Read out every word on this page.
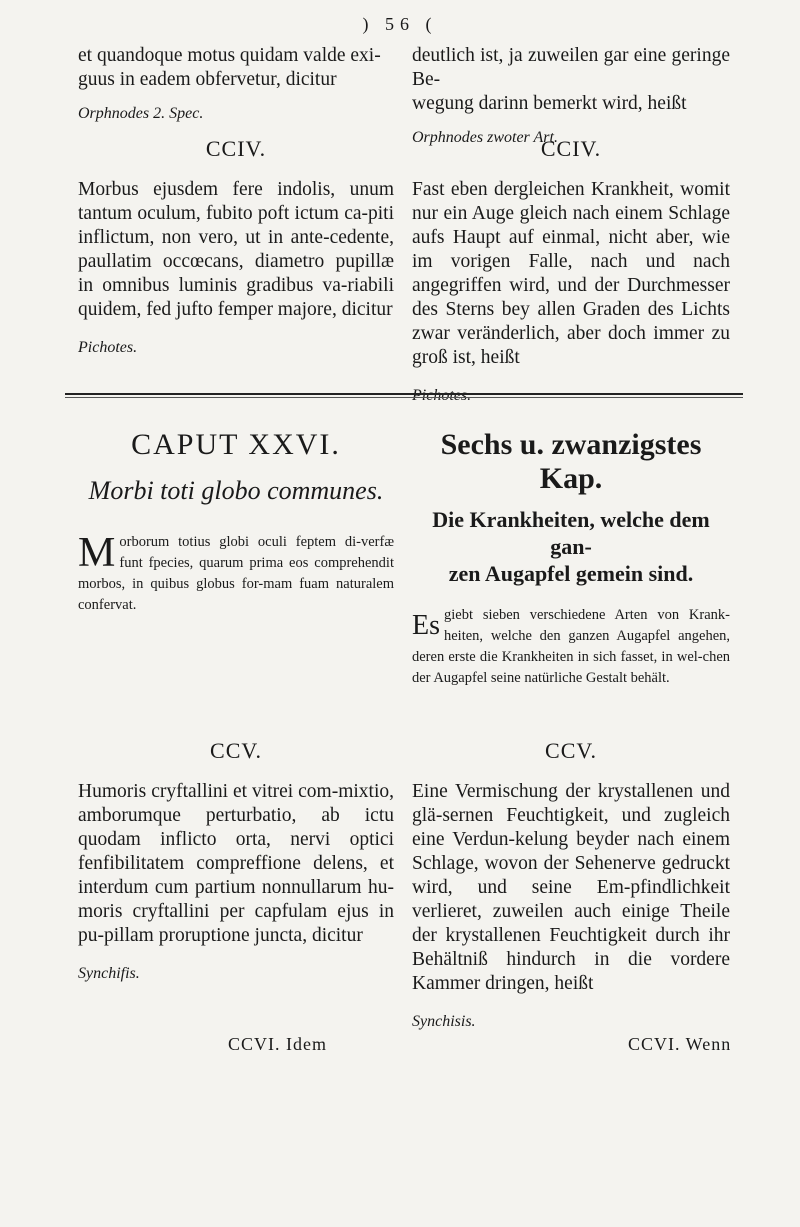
) 56 (

et quandoque motus quidam valde exi-

guus in eadem obfervetur, dicitur

Orphnodes 2. Spec.

deutlich ist, ja zuweilen gar eine geringe Be-

wegung darinn bemerkt wird, heißt

Orphnodes zwoter Art.

CCIV.

Morbus ejusdem fere indolis, unum tantum oculum, fubito poft ictum ca-piti inflictum, non vero, ut in ante-cedente, paullatim occœcans, diametro pupillæ in omnibus luminis gradibus va-riabili quidem, fed jufto femper majore, dicitur

Pichotes.

CCIV.

Fast eben dergleichen Krankheit, womit nur ein Auge gleich nach einem Schlage aufs Haupt auf einmal, nicht aber, wie im vorigen Falle, nach und nach angegriffen wird, und der Durchmesser des Sterns bey allen Graden des Lichts zwar veränderlich, aber doch immer zu groß ist, heißt

Pichotes.

CAPUT XXVI.
Morbi toti globo communes.
M orborum totius globi oculi feptem di-verfæ funt fpecies, quarum prima eos comprehendit morbos, in quibus globus for-mam fuam naturalem confervat.
Sechs u. zwanzigstes Kap.
Die Krankheiten, welche dem gan-
zen Augapfel gemein sind.
Es giebt sieben verschiedene Arten von Krank-heiten, welche den ganzen Augapfel angehen, deren erste die Krankheiten in sich fasset, in wel-chen der Augapfel seine natürliche Gestalt behält.
CCV.

Humoris cryftallini et vitrei com-mixtio, amborumque perturbatio, ab ictu quodam inflicto orta, nervi optici fenfibilitatem compreffione delens, et interdum cum partium nonnullarum hu-moris cryftallini per capfulam ejus in pu-pillam proruptione juncta, dicitur

Synchifis.

CCV.

Eine Vermischung der krystallenen und glä-sernen Feuchtigkeit, und zugleich eine Verdun-kelung beyder nach einem Schlage, wovon der Sehenerve gedruckt wird, und seine Em-pfindlichkeit verlieret, zuweilen auch einige Theile der krystallenen Feuchtigkeit durch ihr Behältniß hindurch in die vordere Kammer dringen, heißt

Synchisis.

CCVI. Idem	CCVI. Wenn
